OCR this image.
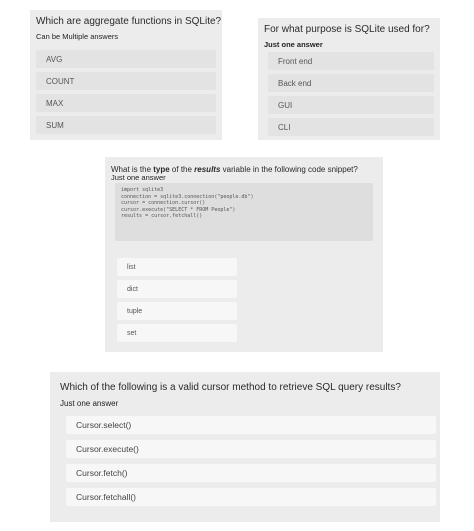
Which are aggregate functions in SQLite?
Can be Multiple answers
AVG
COUNT
MAX
SUM
For what purpose is SQLite used for?
Just one answer
Front end
Back end
GUI
CLI
What is the type of the results variable in the following code snippet?
Just one answer
import sqlite3
connection = sqlite3.connection("people.db")
cursor = connection.cursor()
cursor.execute("SELECT * FROM People")
results = cursor.fetchall()
list
dict
tuple
set
Which of the following is a valid cursor method to retrieve SQL query results?
Just one answer
Cursor.select()
Cursor.execute()
Cursor.fetch()
Cursor.fetchall()
